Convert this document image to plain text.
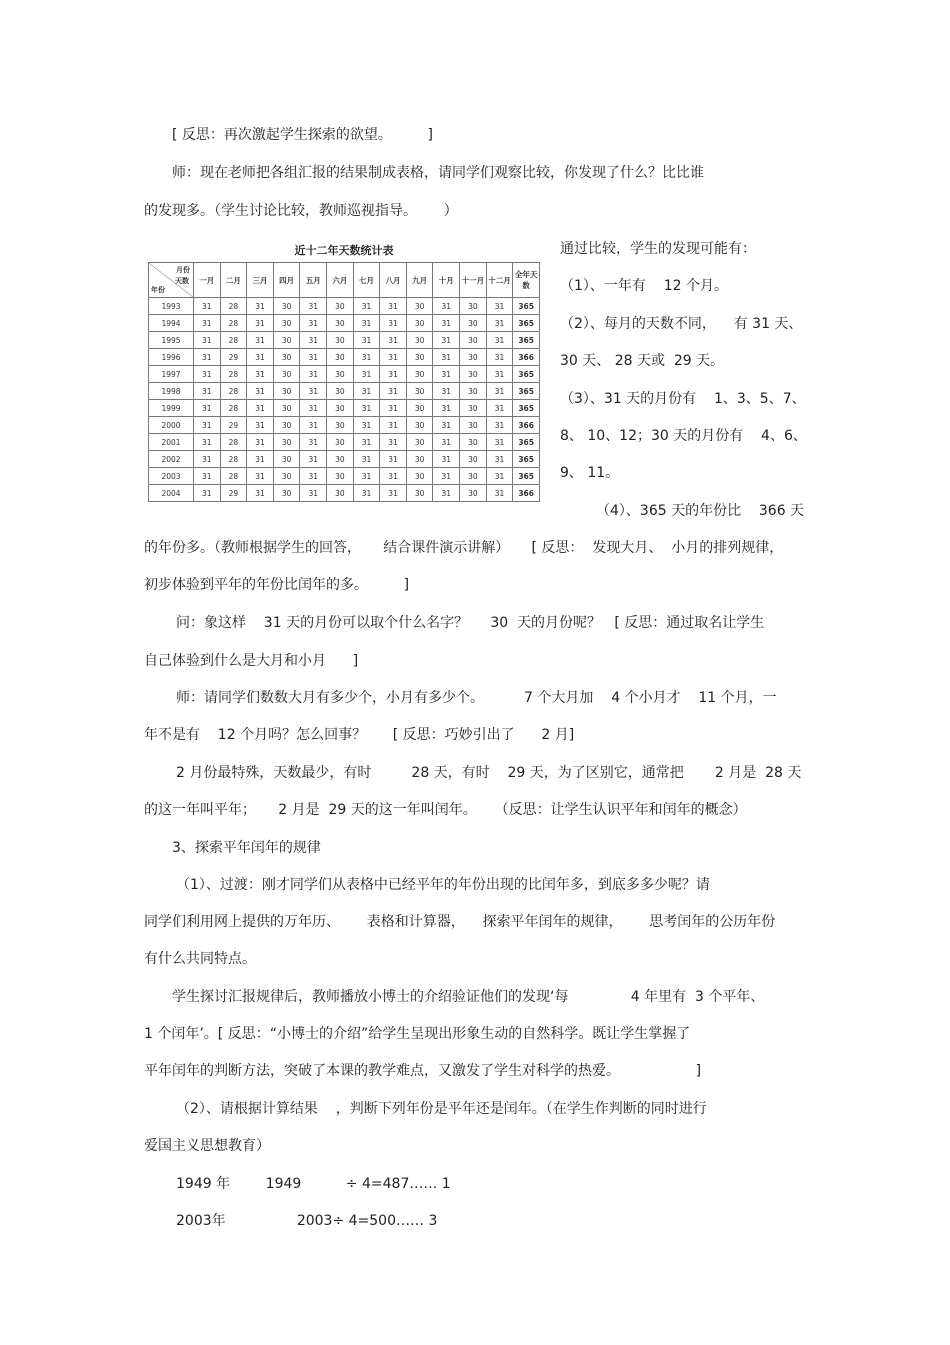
[ 反思：再次激起学生探索的欲望。        ]
师：现在老师把各组汇报的结果制成表格，请同学们观察比较，你发现了什么？比比谁
的发现多。（学生讨论比较，教师巡视指导。      ）
通过比较，学生的发现可能有：
（1）、一年有    12 个月。
（2）、每月的天数不同，    有 31 天、
30 天、 28 天或  29 天。
（3）、31 天的月份有    1、3、5、7、
8、 10、12；30 天的月份有    4、6、
9、 11。
（4）、365 天的年份比    366 天
的年份多。（教师根据学生的回答，     结合课件演示讲解）     [ 反思：  发现大月、  小月的排列规律，
初步体验到平年的年份比闰年的多。        ]
问：象这样    31 天的月份可以取个什么名字？     30  天的月份呢？   [ 反思：通过取名让学生
自己体验到什么是大月和小月      ]
师：请同学们数数大月有多少个，小月有多少个。         7 个大月加    4 个小月才    11 个月，一
年不是有    12 个月吗？怎么回事？      [ 反思：巧妙引出了      2 月]
2 月份最特殊，天数最少，有时         28 天，有时    29 天，为了区别它，通常把       2 月是  28 天
的这一年叫平年；     2 月是  29 天的这一年叫闰年。    （反思：让学生认识平年和闰年的概念）
3、探索平年闰年的规律
（1）、过渡：刚才同学们从表格中已经平年的年份出现的比闰年多，到底多多少呢？请
同学们利用网上提供的万年历、      表格和计算器，    探索平年闰年的规律，      思考闰年的公历年份
有什么共同特点。
学生探讨汇报规律后，教师播放小博士的介绍验证他们的发现‘每              4 年里有  3 个平年、
1 个闰年’。[ 反思：“小博士的介绍”给学生呈现出形象生动的自然科学。既让学生掌握了
平年闰年的判断方法，突破了本课的教学难点，又激发了学生对科学的热爱。                 ]
（2）、请根据计算结果    ，判断下列年份是平年还是闰年。（在学生作判断的同时进行
爱国主义思想教育）
1949 年        1949          ÷ 4=487…… 1
2003年                2003÷ 4=500…… 3
近十二年天数统计表
月份
天数
年份	一月	二月	三月	四月	五月	六月	七月	八月	九月	十月	十一月	十二月	全年天数
1993	31	28	31	30	31	30	31	31	30	31	30	31	365
1994	31	28	31	30	31	30	31	31	30	31	30	31	365
1995	31	28	31	30	31	30	31	31	30	31	30	31	365
1996	31	29	31	30	31	30	31	31	30	31	30	31	366
1997	31	28	31	30	31	30	31	31	30	31	30	31	365
1998	31	28	31	30	31	30	31	31	30	31	30	31	365
1999	31	28	31	30	31	30	31	31	30	31	30	31	365
2000	31	29	31	30	31	30	31	31	30	31	30	31	366
2001	31	28	31	30	31	30	31	31	30	31	30	31	365
2002	31	28	31	30	31	30	31	31	30	31	30	31	365
2003	31	28	31	30	31	30	31	31	30	31	30	31	365
2004	31	29	31	30	31	30	31	31	30	31	30	31	366
